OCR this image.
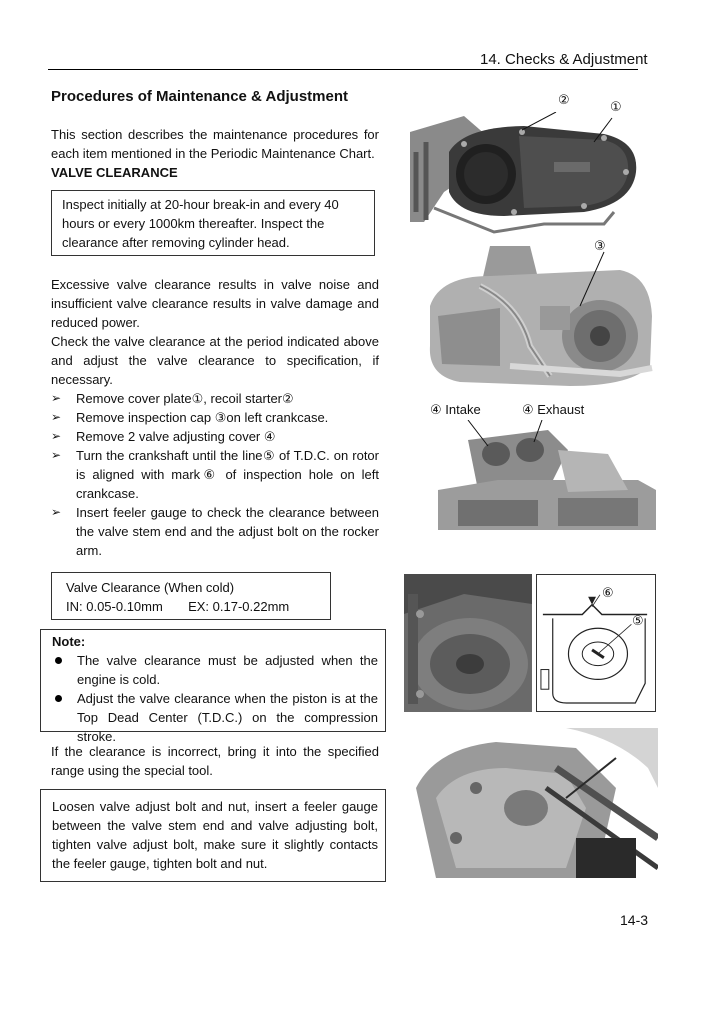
14. Checks & Adjustment
Procedures of Maintenance & Adjustment
This section describes the maintenance procedures for each item mentioned in the Periodic Maintenance Chart.
VALVE CLEARANCE
Inspect initially at 20-hour break-in and every 40 hours or every 1000km thereafter. Inspect the clearance after removing cylinder head.
Excessive valve clearance results in valve noise and insufficient valve clearance results in valve damage and reduced power.
Check the valve clearance at the period indicated above and adjust the valve clearance to specification, if necessary.
➢ Remove cover plate①, recoil starter②
➢ Remove inspection cap ③on left crankcase.
➢ Remove 2 valve adjusting cover ④
➢ Turn the crankshaft until the line⑤ of T.D.C. on rotor is aligned with mark⑥ of inspection hole on left crankcase.
➢ Insert feeler gauge to check the clearance between the valve stem end and the adjust bolt on the rocker arm.
Valve Clearance (When cold)
IN: 0.05-0.10mm EX: 0.17-0.22mm
Note:
The valve clearance must be adjusted when the engine is cold.
Adjust the valve clearance when the piston is at the Top Dead Center (T.D.C.) on the compression stroke.
If the clearance is incorrect, bring it into the specified range using the special tool.
Loosen valve adjust bolt and nut, insert a feeler gauge between the valve stem end and valve adjusting bolt, tighten valve adjust bolt, make sure it slightly contacts the feeler gauge, tighten bolt and nut.
②	①
③
④ Intake	④ Exhaust
⑥
⑤
14-3
